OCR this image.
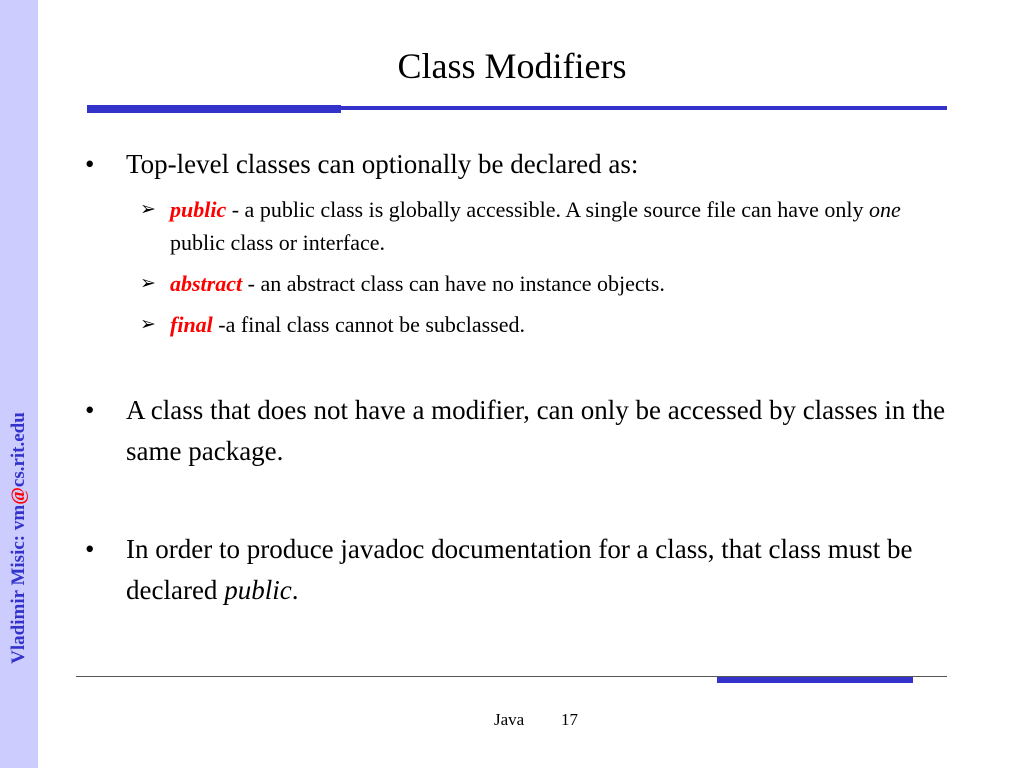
Vladimir Misic: vm@cs.rit.edu
Class Modifiers
• Top-level classes can optionally be declared as:
➢ public - a public class is globally accessible. A single source file can have only one public class or interface.
➢ abstract - an abstract class can have no instance objects.
➢ final -a final class cannot be subclassed.
• A class that does not have a modifier, can only be accessed by classes in the same package.
• In order to produce javadoc documentation for a class, that class must be declared public.
Java 17
